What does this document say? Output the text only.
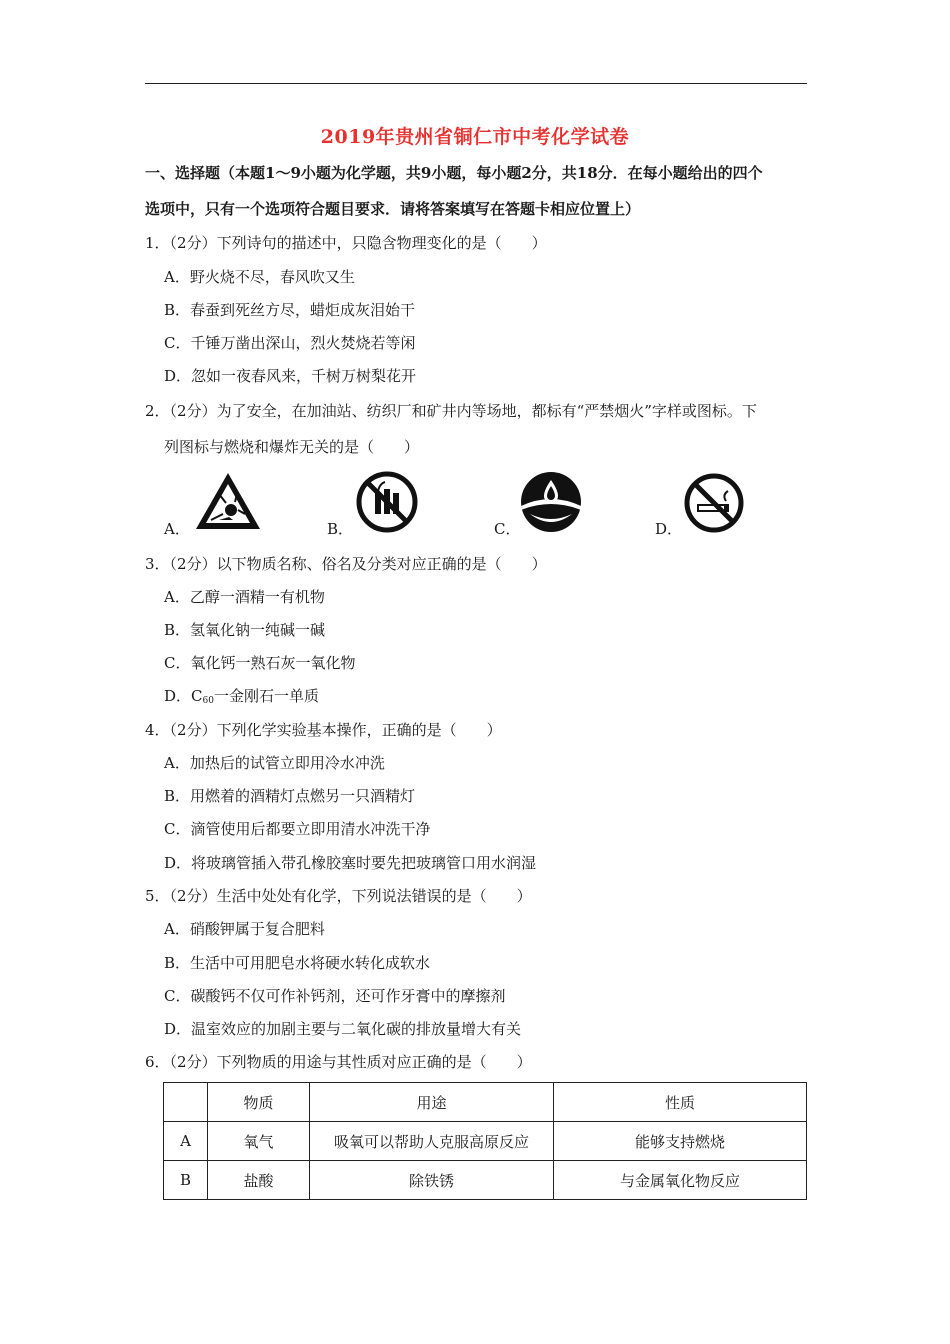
2019年贵州省铜仁市中考化学试卷
一、选择题（本题1～9小题为化学题，共9小题，每小题2分，共18分．在每小题给出的四个
选项中，只有一个选项符合题目要求．请将答案填写在答题卡相应位置上）
1．（2分）下列诗句的描述中，只隐含物理变化的是（　　）
A．野火烧不尽，春风吹又生
B．春蚕到死丝方尽，蜡炬成灰泪始干
C．千锤万凿出深山，烈火焚烧若等闲
D．忽如一夜春风来，千树万树梨花开
2．（2分）为了安全，在加油站、纺织厂和矿井内等场地，都标有“严禁烟火”字样或图标。下
列图标与燃烧和爆炸无关的是（　　）
A．	B．	C．	D．
3．（2分）以下物质名称、俗名及分类对应正确的是（　　）
A．乙醇一酒精一有机物
B．氢氧化钠一纯碱一碱
C．氧化钙一熟石灰一氧化物
D．$C_{60}$一金刚石一单质
4．（2分）下列化学实验基本操作，正确的是（　　）
A．加热后的试管立即用冷水冲洗
B．用燃着的酒精灯点燃另一只酒精灯
C．滴管使用后都要立即用清水冲洗干净
D．将玻璃管插入带孔橡胶塞时要先把玻璃管口用水润湿
5．（2分）生活中处处有化学，下列说法错误的是（　　）
A．硝酸钾属于复合肥料
B．生活中可用肥皂水将硬水转化成软水
C．碳酸钙不仅可作补钙剂，还可作牙膏中的摩擦剂
D．温室效应的加剧主要与二氧化碳的排放量增大有关
6．（2分）下列物质的用途与其性质对应正确的是（　　）
	物质	用途	性质
A	氧气	吸氧可以帮助人克服高原反应	能够支持燃烧
B	盐酸	除铁锈	与金属氧化物反应
